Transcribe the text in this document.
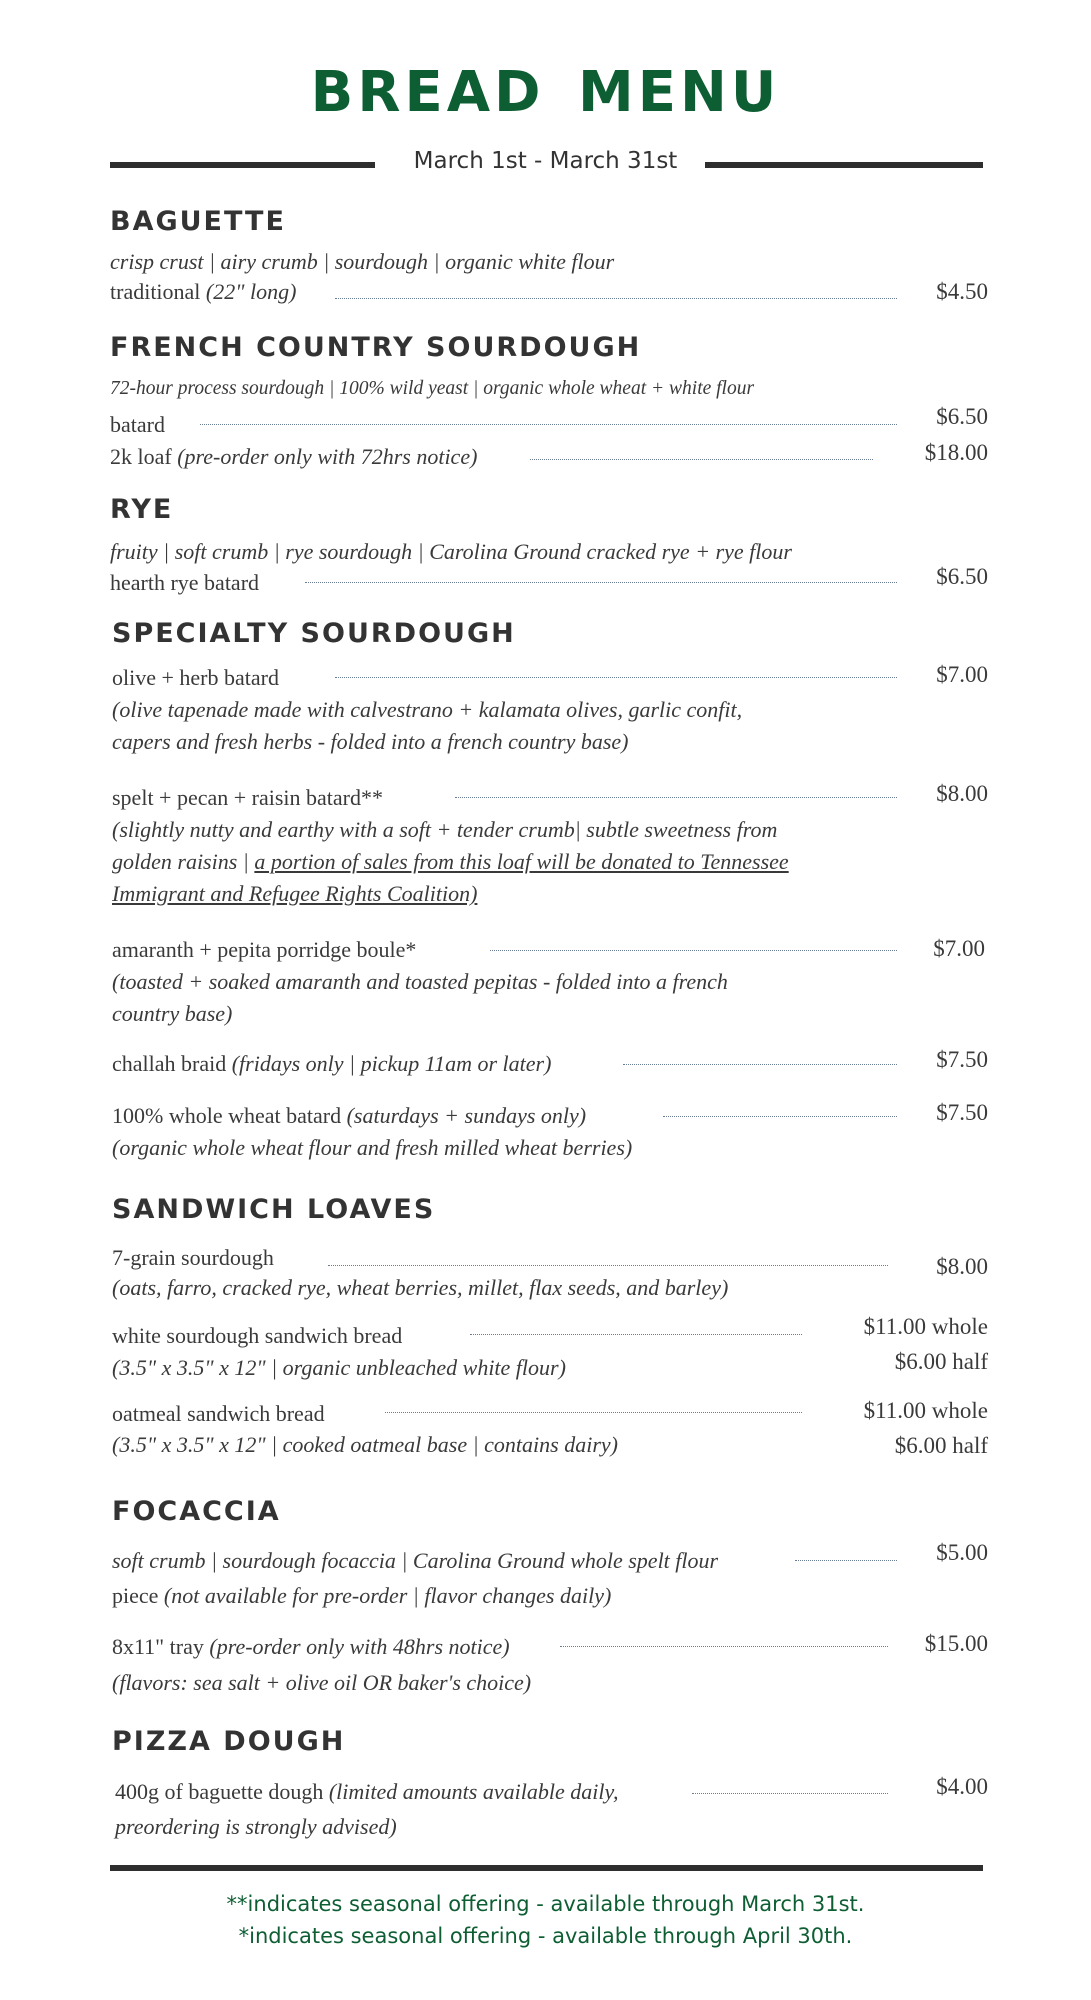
BREAD MENU
March 1st - March 31st
BAGUETTE
crisp crust | airy crumb | sourdough | organic white flour
traditional (22" long)	$4.50
FRENCH COUNTRY SOURDOUGH
72-hour process sourdough | 100% wild yeast | organic whole wheat + white flour
batard	$6.50
2k loaf (pre-order only with 72hrs notice)	$18.00
RYE
fruity | soft crumb | rye sourdough | Carolina Ground cracked rye + rye flour
hearth rye batard	$6.50
SPECIALTY SOURDOUGH
olive + herb batard	$7.00
(olive tapenade made with calvestrano + kalamata olives, garlic confit,
capers and fresh herbs - folded into a french country base)
spelt + pecan + raisin batard**	$8.00
(slightly nutty and earthy with a soft + tender crumb| subtle sweetness from
golden raisins | a portion of sales from this loaf will be donated to Tennessee
Immigrant and Refugee Rights Coalition)
amaranth + pepita porridge boule*	$7.00
(toasted + soaked amaranth and toasted pepitas - folded into a french
country base)
challah braid (fridays only | pickup 11am or later)	$7.50
100% whole wheat batard (saturdays + sundays only)	$7.50
(organic whole wheat flour and fresh milled wheat berries)
SANDWICH LOAVES
7-grain sourdough	$8.00
(oats, farro, cracked rye, wheat berries, millet, flax seeds, and barley)
white sourdough sandwich bread	$11.00 whole
(3.5" x 3.5" x 12" | organic unbleached white flour)	$6.00 half
oatmeal sandwich bread	$11.00 whole
(3.5" x 3.5" x 12" | cooked oatmeal base | contains dairy)	$6.00 half
FOCACCIA
soft crumb | sourdough focaccia | Carolina Ground whole spelt flour	$5.00
piece (not available for pre-order | flavor changes daily)
8x11" tray (pre-order only with 48hrs notice)	$15.00
(flavors: sea salt + olive oil OR baker's choice)
PIZZA DOUGH
400g of baguette dough (limited amounts available daily,	$4.00
preordering is strongly advised)
**indicates seasonal offering - available through March 31st.
*indicates seasonal offering - available through April 30th.
